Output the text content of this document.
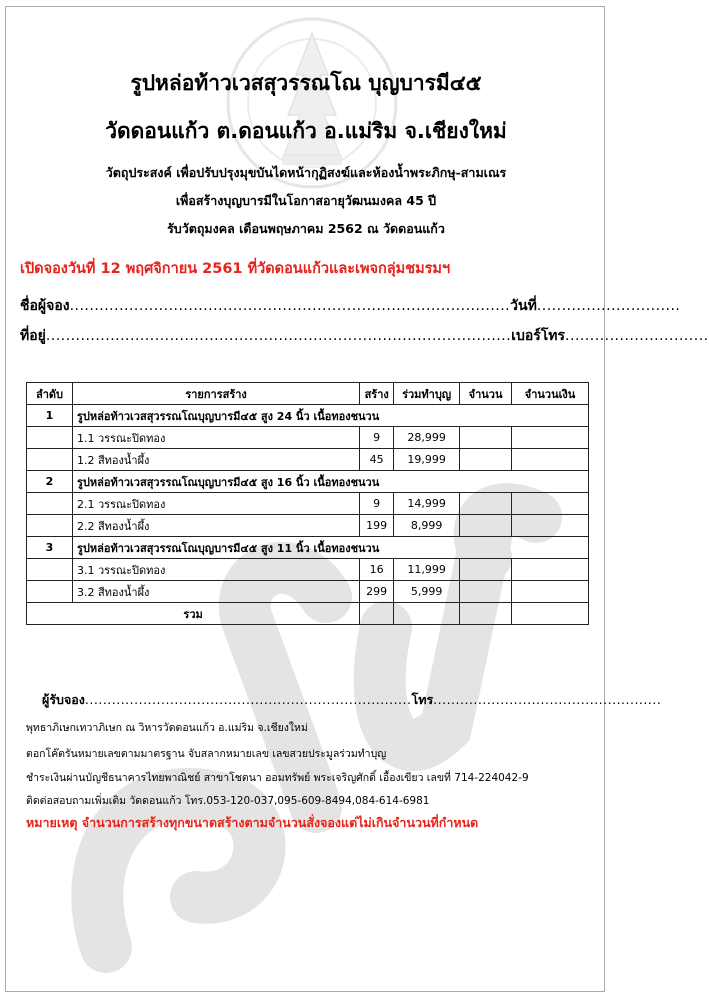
รูปหล่อท้าวเวสสุวรรณโณ บุญบารมี๔๕
วัดดอนแก้ว ต.ดอนแก้ว อ.แม่ริม จ.เชียงใหม่
วัตถุประสงค์ เพื่อปรับปรุงมุขบันไดหน้ากุฏิสงฆ์และห้องน้ำพระภิกษุ-สามเณร
เพื่อสร้างบุญบารมีในโอกาสอายุวัฒนมงคล 45 ปี
รับวัตถุมงคล เดือนพฤษภาคม 2562 ณ วัดดอนแก้ว
เปิดจองวันที่ 12 พฤศจิกายน 2561 ที่วัดดอนแก้วและเพจกลุ่มชมรมฯ
ชื่อผู้จอง.........................................................................................วันที่.............................
ที่อยู่..............................................................................................เบอร์โทร.............................
ลำดับ	รายการสร้าง	สร้าง	ร่วมทำบุญ	จำนวน	จำนวนเงิน
1	รูปหล่อท้าวเวสสุวรรณโณบุญบารมี๔๕ สูง 24 นิ้ว เนื้อทองชนวน				
	1.1 วรรณะปิดทอง	9	28,999		
	1.2 สีทองน้ำผึ้ง	45	19,999		
2	รูปหล่อท้าวเวสสุวรรณโณบุญบารมี๔๕ สูง 16 นิ้ว เนื้อทองชนวน				
	2.1 วรรณะปิดทอง	9	14,999		
	2.2 สีทองน้ำผึ้ง	199	8,999		
3	รูปหล่อท้าวเวสสุวรรณโณบุญบารมี๔๕ สูง 11 นิ้ว เนื้อทองชนวน				
	3.1 วรรณะปิดทอง	16	11,999		
	3.2 สีทองน้ำผึ้ง	299	5,999		
รวม					
ผู้รับจอง.........................................................................โทร...................................................
พุทธาภิเษกเทวาภิเษก ณ วิหารวัดดอนแก้ว อ.แม่ริม จ.เชียงใหม่
ตอกโค๊ตรันหมายเลขตามมาตรฐาน จับสลากหมายเลข เลขสวยประมูลร่วมทำบุญ
ชำระเงินผ่านบัญชีธนาคารไทยพาณิชย์ สาขาโชตนา ออมทรัพย์ พระเจริญศักดิ์ เอื้องเขียว เลขที่ 714-224042-9
ติดต่อสอบถามเพิ่มเติม วัดดอนแก้ว โทร.053-120-037,095-609-8494,084-614-6981
หมายเหตุ จำนวนการสร้างทุกขนาดสร้างตามจำนวนสั่งจองแต่ไม่เกินจำนวนที่กำหนด
